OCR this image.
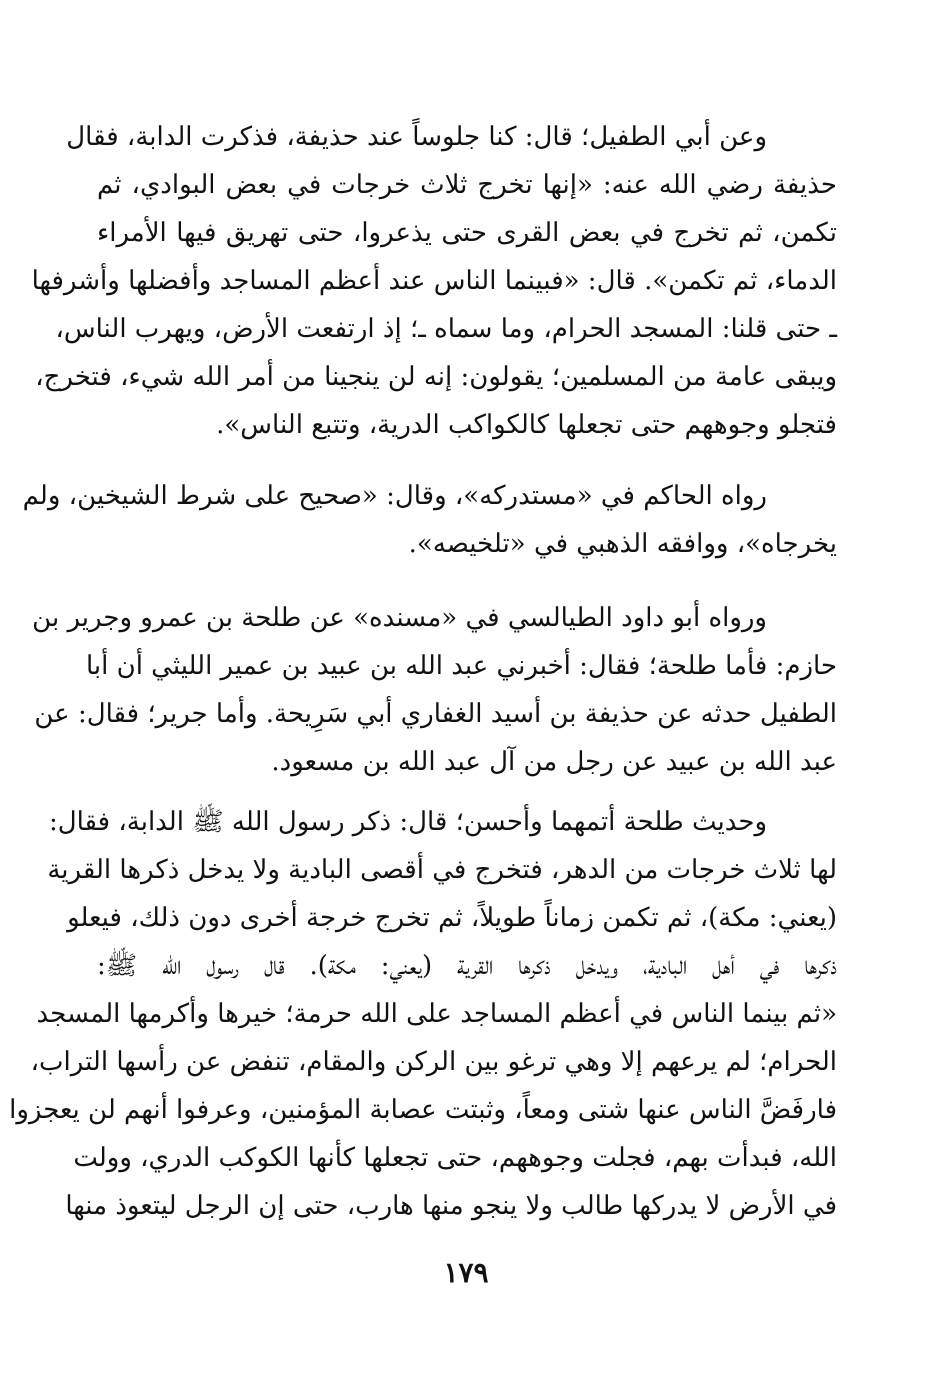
وعن أبي الطفيل؛ قال: كنا جلوساً عند حذيفة، فذكرت الدابة، فقال
حذيفة رضي الله عنه: «إنها تخرج ثلاث خرجات في بعض البوادي، ثم
تكمن، ثم تخرج في بعض القرى حتى يذعروا، حتى تهريق فيها الأمراء
الدماء، ثم تكمن». قال: «فبينما الناس عند أعظم المساجد وأفضلها وأشرفها
ـ حتى قلنا: المسجد الحرام، وما سماه ـ؛ إذ ارتفعت الأرض، ويهرب الناس،
ويبقى عامة من المسلمين؛ يقولون: إنه لن ينجينا من أمر الله شيء، فتخرج،
فتجلو وجوههم حتى تجعلها كالكواكب الدرية، وتتبع الناس».
رواه الحاكم في «مستدركه»، وقال: «صحيح على شرط الشيخين، ولم
يخرجاه»، ووافقه الذهبي في «تلخيصه».
ورواه أبو داود الطيالسي في «مسنده» عن طلحة بن عمرو وجرير بن
حازم: فأما طلحة؛ فقال: أخبرني عبد الله بن عبيد بن عمير الليثي أن أبا
الطفيل حدثه عن حذيفة بن أسيد الغفاري أبي سَرِيحة. وأما جرير؛ فقال: عن
عبد الله بن عبيد عن رجل من آل عبد الله بن مسعود.
وحديث طلحة أتمهما وأحسن؛ قال: ذكر رسول الله ﷺ الدابة، فقال:
لها ثلاث خرجات من الدهر، فتخرج في أقصى البادية ولا يدخل ذكرها القرية
(يعني: مكة)، ثم تكمن زماناً طويلاً، ثم تخرج خرجة أخرى دون ذلك، فيعلو
ذكرها في أهل البادية، ويدخل ذكرها القرية (يعني: مكة). قال رسول الله ﷺ:
«ثم بينما الناس في أعظم المساجد على الله حرمة؛ خيرها وأكرمها المسجد
الحرام؛ لم يرعهم إلا وهي ترغو بين الركن والمقام، تنفض عن رأسها التراب،
فارفَضَّ الناس عنها شتى ومعاً، وثبتت عصابة المؤمنين، وعرفوا أنهم لن يعجزوا
الله، فبدأت بهم، فجلت وجوههم، حتى تجعلها كأنها الكوكب الدري، وولت
في الأرض لا يدركها طالب ولا ينجو منها هارب، حتى إن الرجل ليتعوذ منها
١٧٩
